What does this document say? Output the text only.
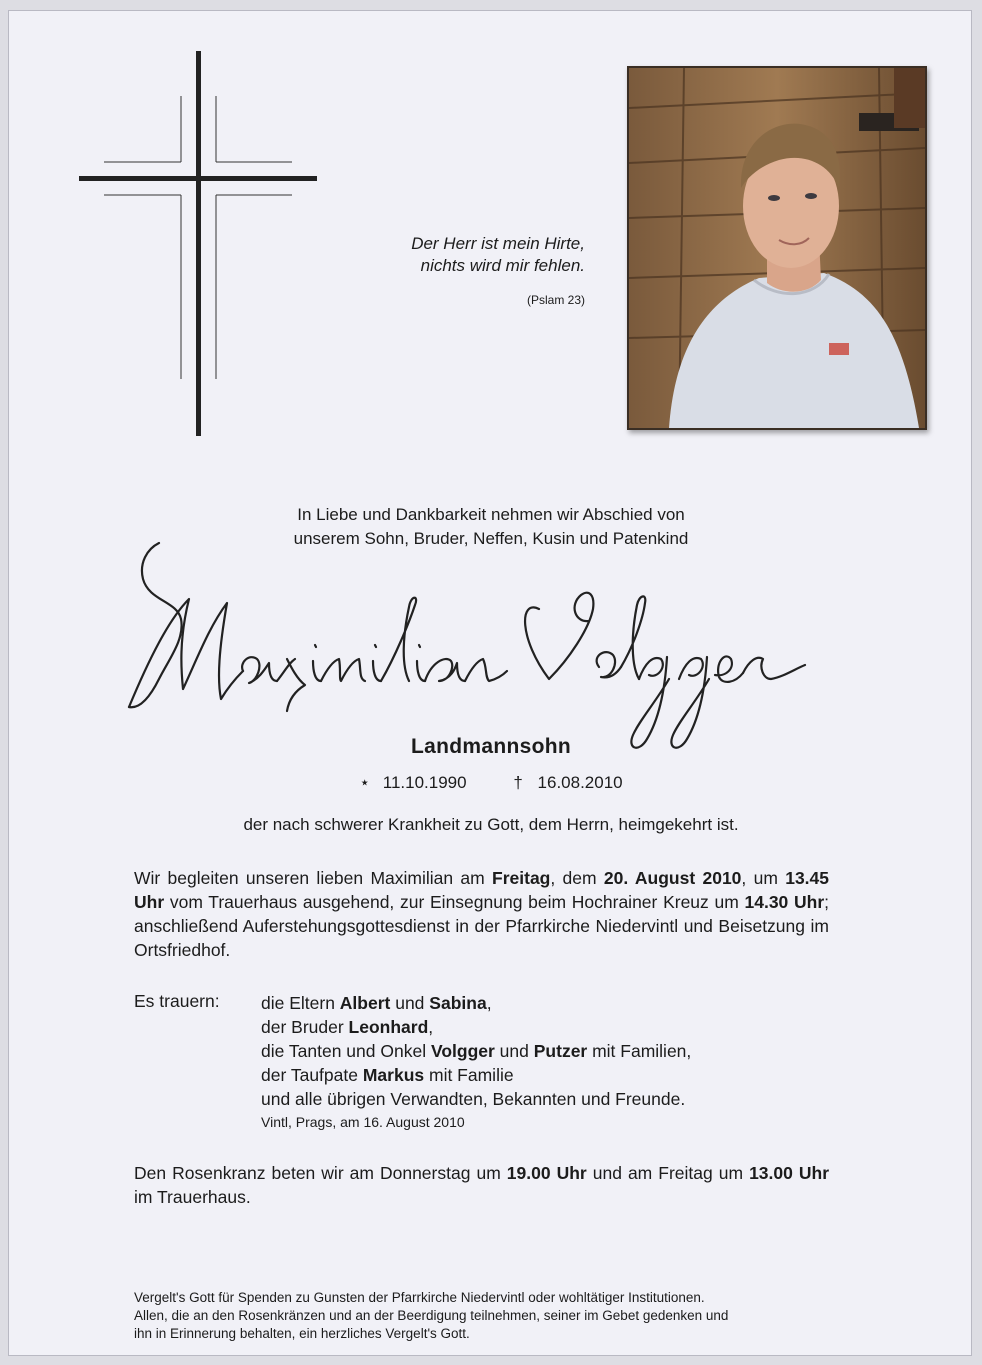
Der Herr ist mein Hirte,
nichts wird mir fehlen.
(Pslam 23)
In Liebe und Dankbarkeit nehmen wir Abschied von
unserem Sohn, Bruder, Neffen, Kusin und Patenkind
Landmannsohn
⋆ 11.10.1990	† 16.08.2010
der nach schwerer Krankheit zu Gott, dem Herrn, heimgekehrt ist.
Wir begleiten unseren lieben Maximilian am Freitag, dem 20. August 2010, um 13.45 Uhr vom Trauerhaus ausgehend, zur Einsegnung beim Hochrainer Kreuz um 14.30 Uhr; anschließend Auferstehungsgottesdienst in der Pfarrkirche Niedervintl und Beisetzung im Ortsfriedhof.
Es trauern: die Eltern Albert und Sabina,
der Bruder Leonhard,
die Tanten und Onkel Volgger und Putzer mit Familien,
der Taufpate Markus mit Familie
und alle übrigen Verwandten, Bekannten und Freunde.
Vintl, Prags, am 16. August 2010
Den Rosenkranz beten wir am Donnerstag um 19.00 Uhr und am Freitag um 13.00 Uhr im Trauerhaus.
Vergelt's Gott für Spenden zu Gunsten der Pfarrkirche Niedervintl oder wohltätiger Institutionen.
Allen, die an den Rosenkränzen und an der Beerdigung teilnehmen, seiner im Gebet gedenken und
ihn in Erinnerung behalten, ein herzliches Vergelt's Gott.
